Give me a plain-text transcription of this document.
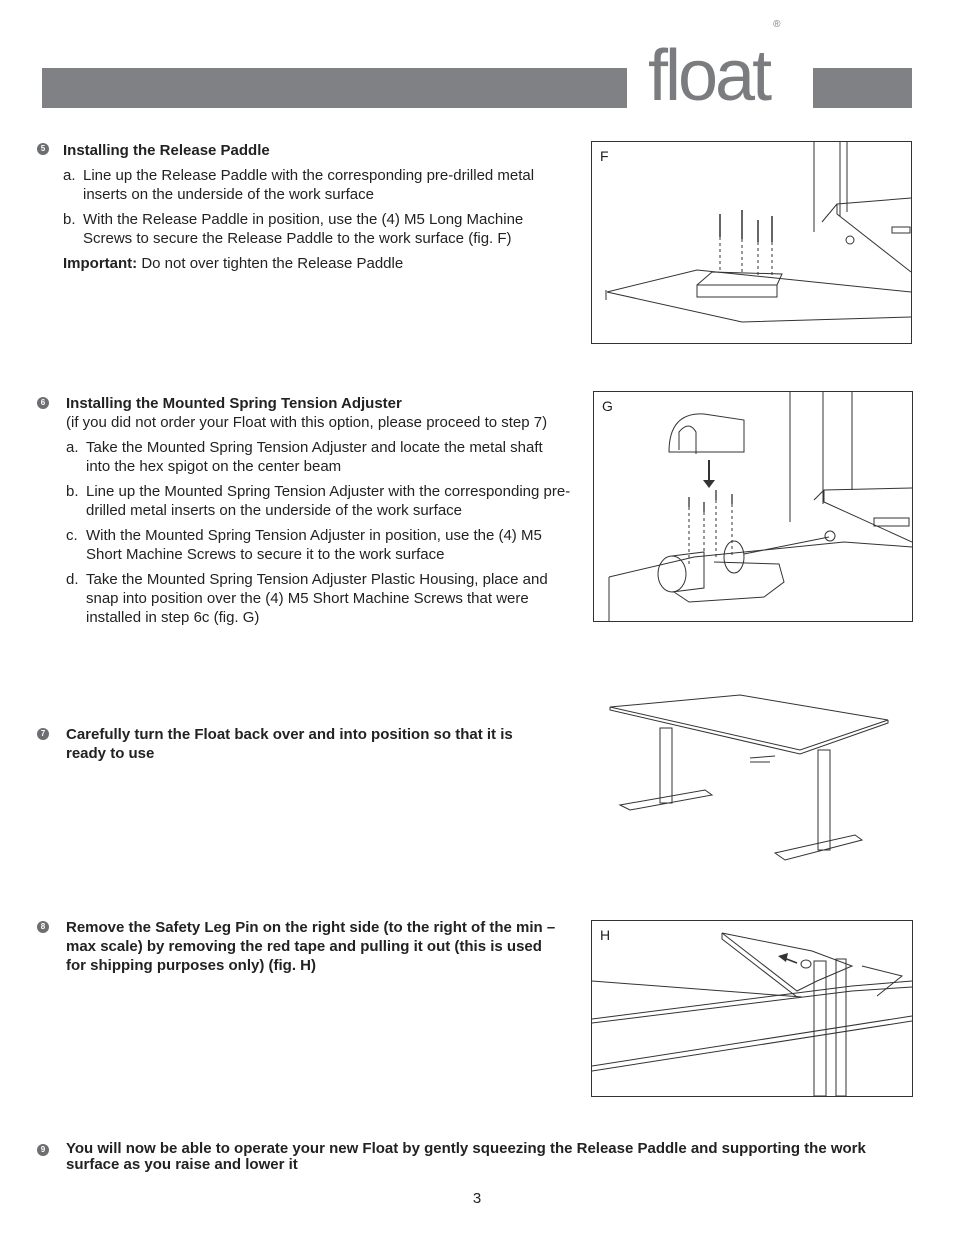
float®
5 Installing the Release Paddle
a. Line up the Release Paddle with the corresponding pre-drilled metal inserts on the underside of the work surface
b. With the Release Paddle in position, use the (4) M5 Long Machine Screws to secure the Release Paddle to the work surface (fig. F)
Important: Do not over tighten the Release Paddle
F
6 Installing the Mounted Spring Tension Adjuster
(if you did not order your Float with this option, please proceed to step 7)
a. Take the Mounted Spring Tension Adjuster and locate the metal shaft into the hex spigot on the center beam
b. Line up the Mounted Spring Tension Adjuster with the corresponding pre-drilled metal inserts on the underside of the work surface
c. With the Mounted Spring Tension Adjuster in position, use the (4) M5 Short Machine Screws to secure it to the work surface
d. Take the Mounted Spring Tension Adjuster Plastic Housing, place and snap into position over the (4) M5 Short Machine Screws that were installed in step 6c (fig. G)
G
7 Carefully turn the Float back over and into position so that it is ready to use
8 Remove the Safety Leg Pin on the right side (to the right of the min – max scale) by removing the red tape and pulling it out (this is used for shipping purposes only) (fig. H)
H
9 You will now be able to operate your new Float by gently squeezing the Release Paddle and supporting the work surface as you raise and lower it
3
